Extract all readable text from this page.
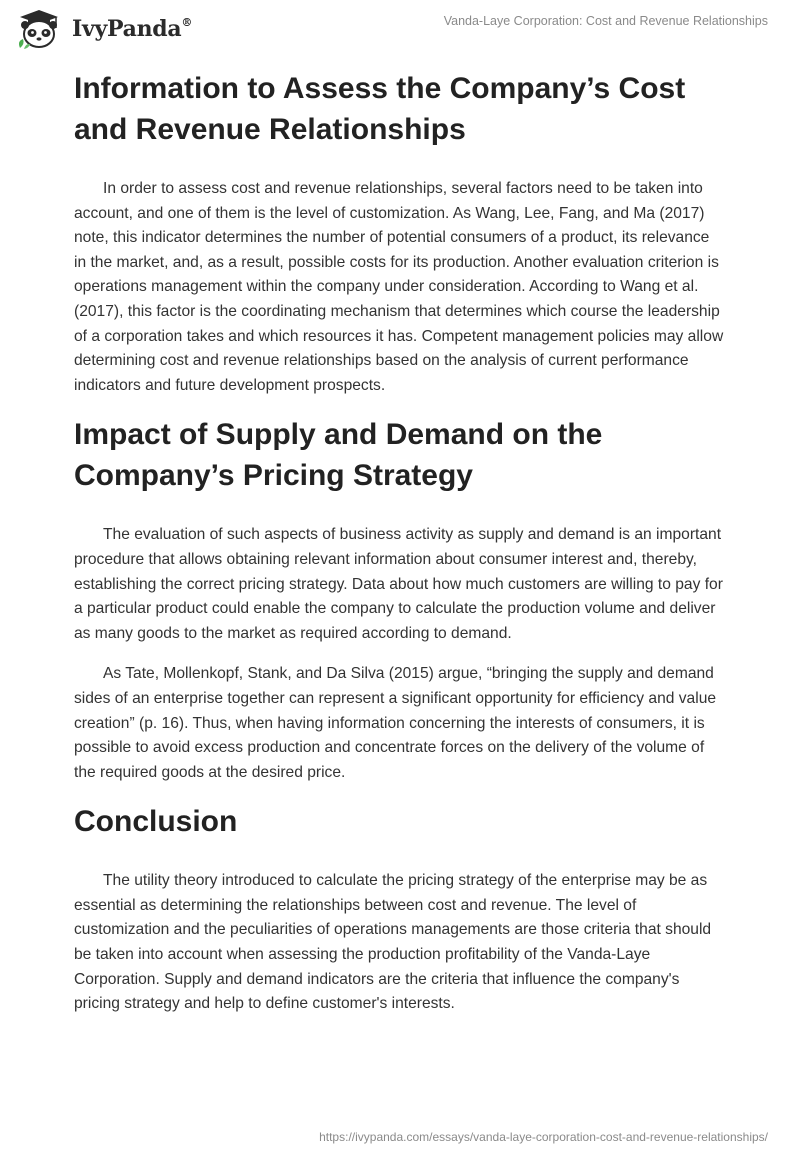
IvyPanda®	Vanda-Laye Corporation: Cost and Revenue Relationships
Information to Assess the Company’s Cost and Revenue Relationships

In order to assess cost and revenue relationships, several factors need to be taken into account, and one of them is the level of customization. As Wang, Lee, Fang, and Ma (2017) note, this indicator determines the number of potential consumers of a product, its relevance in the market, and, as a result, possible costs for its production. Another evaluation criterion is operations management within the company under consideration. According to Wang et al. (2017), this factor is the coordinating mechanism that determines which course the leadership of a corporation takes and which resources it has. Competent management policies may allow determining cost and revenue relationships based on the analysis of current performance indicators and future development prospects.

Impact of Supply and Demand on the Company’s Pricing Strategy

The evaluation of such aspects of business activity as supply and demand is an important procedure that allows obtaining relevant information about consumer interest and, thereby, establishing the correct pricing strategy. Data about how much customers are willing to pay for a particular product could enable the company to calculate the production volume and deliver as many goods to the market as required according to demand.

As Tate, Mollenkopf, Stank, and Da Silva (2015) argue, “bringing the supply and demand sides of an enterprise together can represent a significant opportunity for efficiency and value creation” (p. 16). Thus, when having information concerning the interests of consumers, it is possible to avoid excess production and concentrate forces on the delivery of the volume of the required goods at the desired price.

Conclusion

The utility theory introduced to calculate the pricing strategy of the enterprise may be as essential as determining the relationships between cost and revenue. The level of customization and the peculiarities of operations managements are those criteria that should be taken into account when assessing the production profitability of the Vanda-Laye Corporation. Supply and demand indicators are the criteria that influence the company's pricing strategy and help to define customer's interests.

https://ivypanda.com/essays/vanda-laye-corporation-cost-and-revenue-relationships/
